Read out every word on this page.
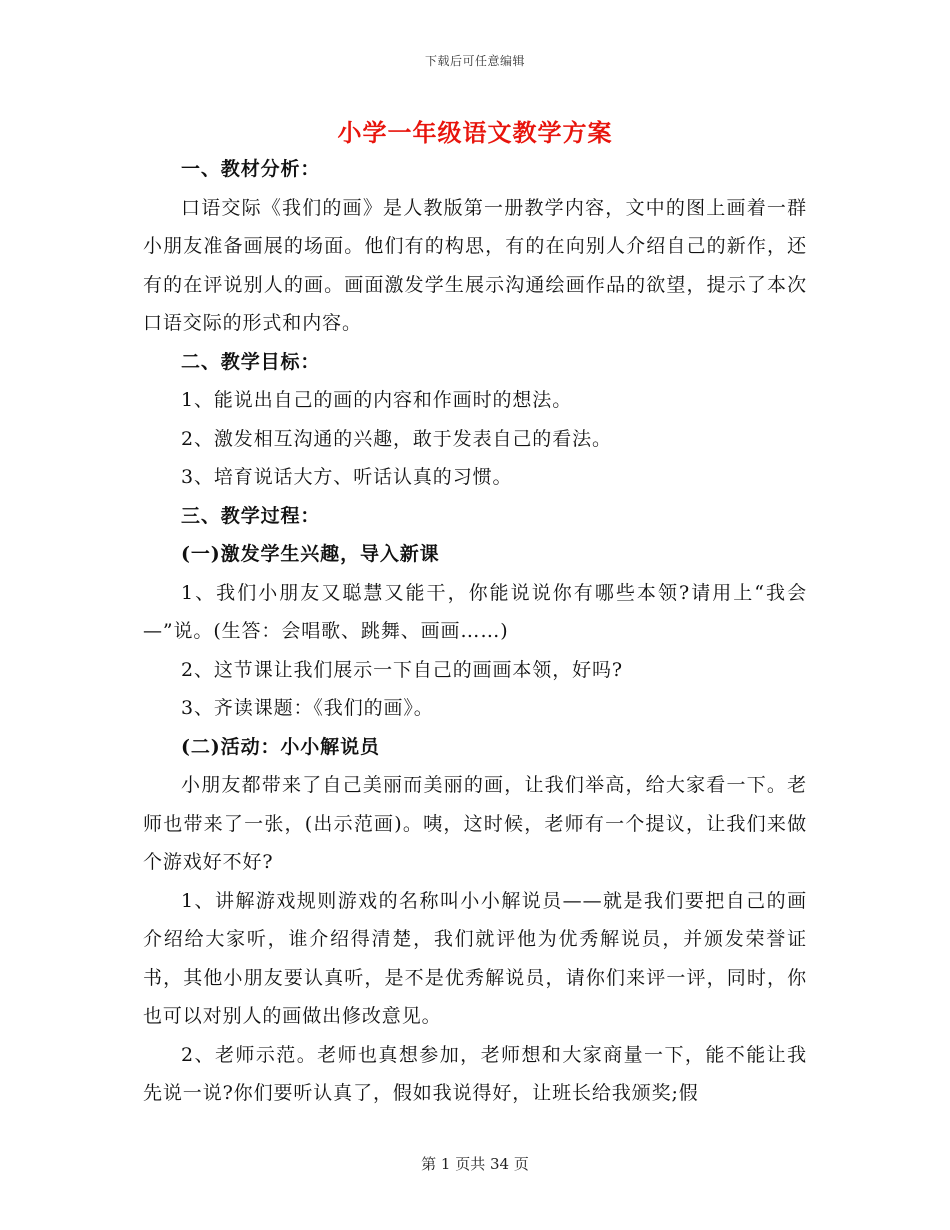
下载后可任意编辑
小学一年级语文教学方案

一、教材分析：

口语交际《我们的画》是人教版第一册教学内容，文中的图上画着一群小朋友准备画展的场面。他们有的构思，有的在向别人介绍自己的新作，还有的在评说别人的画。画面激发学生展示沟通绘画作品的欲望，提示了本次口语交际的形式和内容。

二、教学目标：

1、能说出自己的画的内容和作画时的想法。

2、激发相互沟通的兴趣，敢于发表自己的看法。

3、培育说话大方、听话认真的习惯。

三、教学过程：

(一)激发学生兴趣，导入新课

1、我们小朋友又聪慧又能干，你能说说你有哪些本领?请用上“我会—”说。(生答：会唱歌、跳舞、画画……)

2、这节课让我们展示一下自己的画画本领，好吗?

3、齐读课题：《我们的画》。

(二)活动：小小解说员

小朋友都带来了自己美丽而美丽的画，让我们举高，给大家看一下。老师也带来了一张，(出示范画)。咦，这时候，老师有一个提议，让我们来做个游戏好不好?

1、讲解游戏规则游戏的名称叫小小解说员——就是我们要把自己的画介绍给大家听，谁介绍得清楚，我们就评他为优秀解说员，并颁发荣誉证书，其他小朋友要认真听，是不是优秀解说员，请你们来评一评，同时，你也可以对别人的画做出修改意见。

2、老师示范。老师也真想参加，老师想和大家商量一下，能不能让我先说一说?你们要听认真了，假如我说得好，让班长给我颁奖;假

第 1 页共 34 页
